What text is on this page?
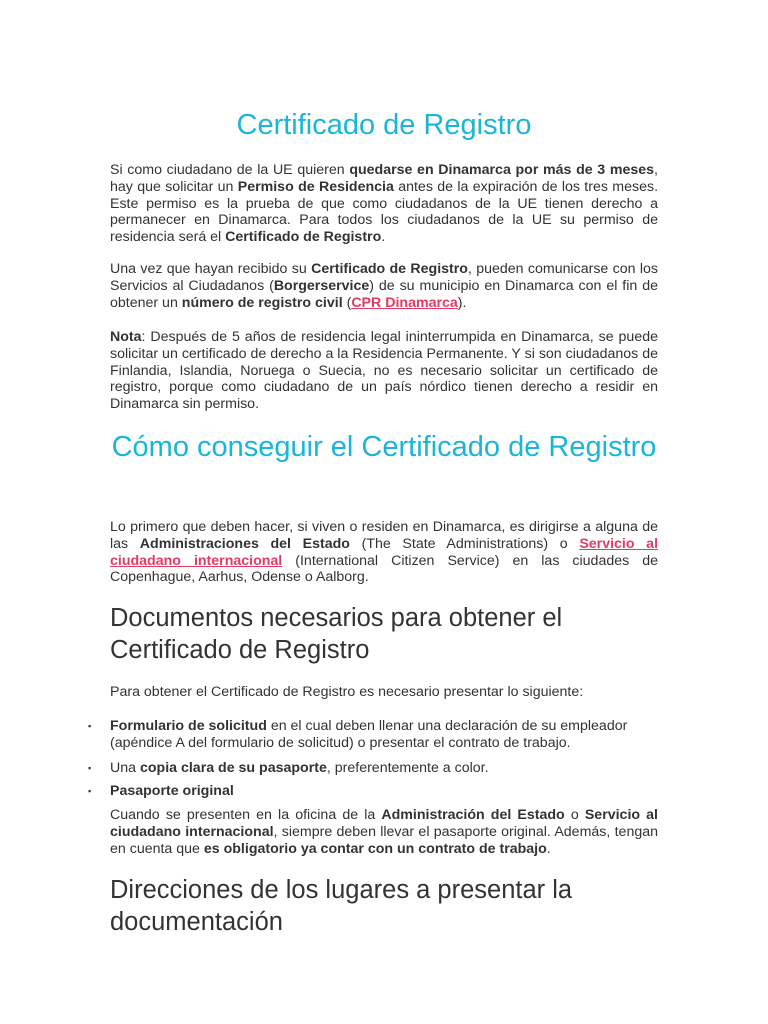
Certificado de Registro

Si como ciudadano de la UE quieren quedarse en Dinamarca por más de 3 meses, hay que solicitar un Permiso de Residencia antes de la expiración de los tres meses. Este permiso es la prueba de que como ciudadanos de la UE tienen derecho a permanecer en Dinamarca. Para todos los ciudadanos de la UE su permiso de residencia será el Certificado de Registro.

Una vez que hayan recibido su Certificado de Registro, pueden comunicarse con los Servicios al Ciudadanos (Borgerservice) de su municipio en Dinamarca con el fin de obtener un número de registro civil (CPR Dinamarca).

Nota: Después de 5 años de residencia legal ininterrumpida en Dinamarca, se puede solicitar un certificado de derecho a la Residencia Permanente. Y si son ciudadanos de Finlandia, Islandia, Noruega o Suecia, no es necesario solicitar un certificado de registro, porque como ciudadano de un país nórdico tienen derecho a residir en Dinamarca sin permiso.

Cómo conseguir el Certificado de Registro

Lo primero que deben hacer, si viven o residen en Dinamarca, es dirigirse a alguna de las Administraciones del Estado (The State Administrations) o Servicio al ciudadano internacional (International Citizen Service) en las ciudades de Copenhague, Aarhus, Odense o Aalborg.

Documentos necesarios para obtener el Certificado de Registro

Para obtener el Certificado de Registro es necesario presentar lo siguiente:

▪ Formulario de solicitud en el cual deben llenar una declaración de su empleador (apéndice A del formulario de solicitud) o presentar el contrato de trabajo.

▪ Una copia clara de su pasaporte, preferentemente a color.

▪ Pasaporte original

Cuando se presenten en la oficina de la Administración del Estado o Servicio al ciudadano internacional, siempre deben llevar el pasaporte original. Además, tengan en cuenta que es obligatorio ya contar con un contrato de trabajo.

Direcciones de los lugares a presentar la documentación
